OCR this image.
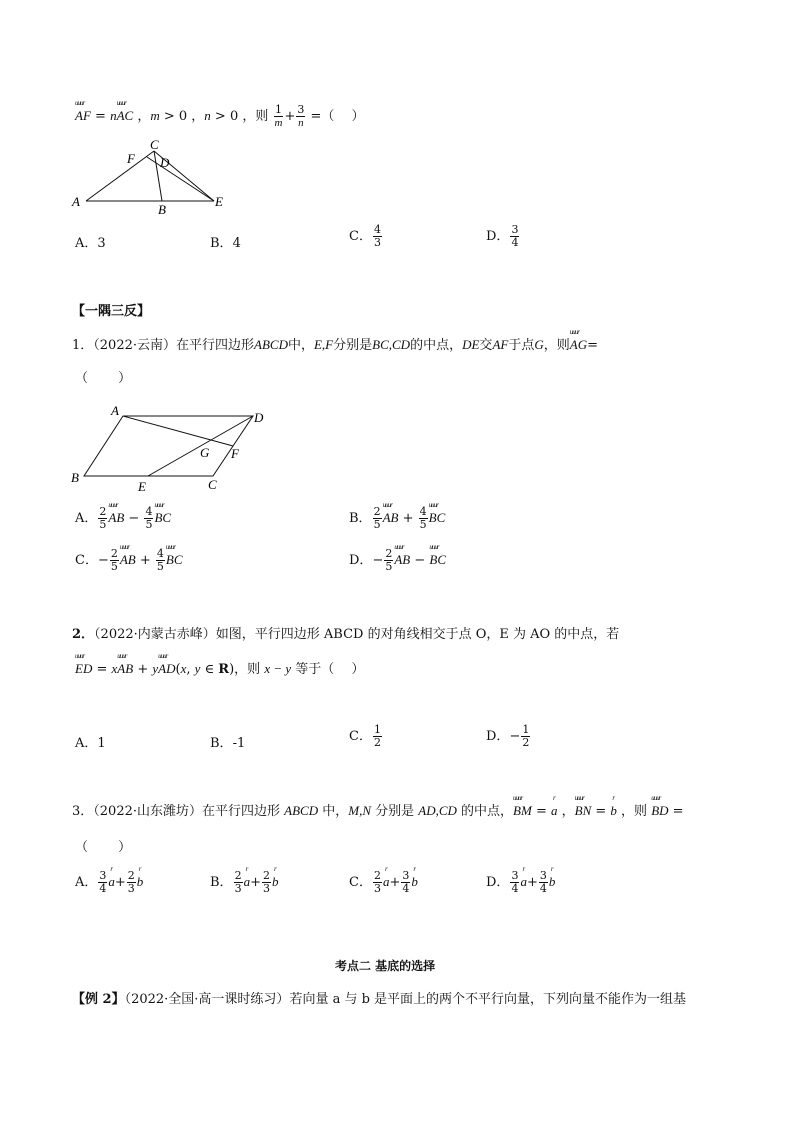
uuur AF = nuuur AC ，m > 0 ，n > 0 ，则 $\frac{1}{m} + \frac{3}{n}$ =（　 ）
A
B
C
D
E
F
A．3	B．4	C． $\frac{4}{3}$	D． $\frac{3}{4}$
【一隅三反】
1．（2022·云南）在平行四边形ABCD中，E,F分别是BC,CD的中点，DE交AF于点G，则uuur AG=
（　　 ）
A	D
B
E	C
G F
A． $\frac{2}{5}$ uuur AB − $\frac{4}{5}$ uuur BC	B． $\frac{2}{5}$ uuur AB + $\frac{4}{5}$ uuur BC
C．− $\frac{2}{5}$ uuur AB + $\frac{4}{5}$ uuur BC	D．− $\frac{2}{5}$ uuur AB − uuur BC
2．（2022·内蒙古赤峰）如图，平行四边形 ABCD 的对角线相交于点 O，E 为 AO 的中点，若
uuur ED = xuuur AB + yuuur AD(x, y ∈ R)，则 x − y 等于（　 ）
A．1	B．-1	C． $\frac{1}{2}$	D．− $\frac{1}{2}$
3．（2022·山东潍坊）在平行四边形 ABCD 中，M,N 分别是 AD,CD 的中点，uuur BM = r a ，uuur BN = r b ，则 uuur BD =
（　　 ）
A． $\frac{3}{4}$ r $a+ \frac{2}{3}$ r b	B． $\frac{2}{3}$ r $a+ \frac{2}{3}$ r b	C． $\frac{2}{3}$ r $a+ \frac{3}{4}$ r b	D． $\frac{3}{4}$ r $a+ \frac{3}{4}$ r b
考点二 基底的选择
【例 2】（2022·全国·高一课时练习）若向量 a 与 b 是平面上的两个不平行向量，下列向量不能作为一组基
